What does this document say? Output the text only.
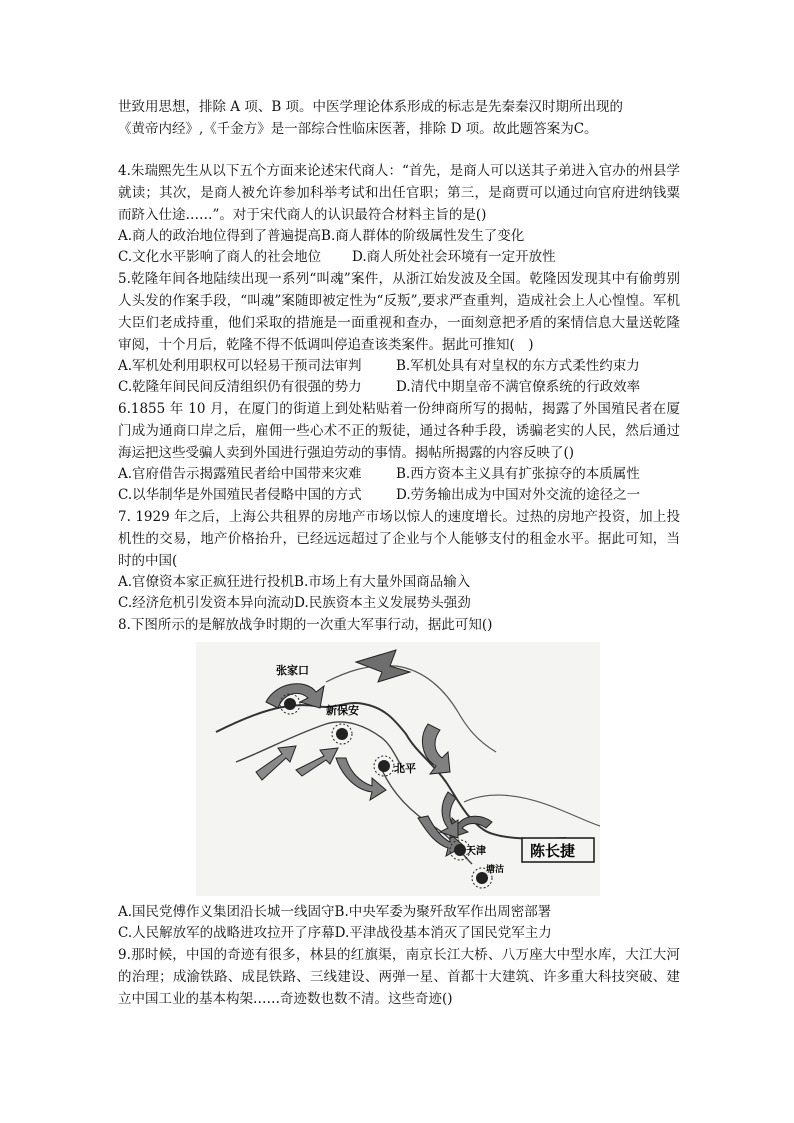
世致用思想，排除 A 项、B 项。中医学理论体系形成的标志是先秦秦汉时期所出现的

《黄帝内经》,《千金方》是一部综合性临床医著，排除 D 项。故此题答案为C。

4.朱瑞熙先生从以下五个方面来论述宋代商人：“首先，是商人可以送其子弟进入官办的州县学就读；其次，是商人被允许参加科举考试和出任官职；第三，是商贾可以通过向官府进纳钱粟而跻入仕途……”。对于宋代商人的认识最符合材料主旨的是()

A.商人的政治地位得到了普遍提高B.商人群体的阶级属性发生了变化

C.文化水平影响了商人的社会地位 D.商人所处社会环境有一定开放性

5.乾隆年间各地陆续出现一系列“叫魂”案件，从浙江始发波及全国。乾隆因发现其中有偷剪别人头发的作案手段，“叫魂”案随即被定性为“反叛”,要求严查重判，造成社会上人心惶惶。军机大臣们老成持重，他们采取的措施是一面重视和查办，一面刻意把矛盾的案情信息大量送乾隆审阅，十个月后，乾隆不得不低调叫停追查该类案件。据此可推知(　)

A.军机处利用职权可以轻易干预司法审判	B.军机处具有对皇权的东方式柔性约束力

C.乾隆年间民间反清组织仍有很强的势力	D.清代中期皇帝不满官僚系统的行政效率

6.1855 年 10 月，在厦门的街道上到处粘贴着一份绅商所写的揭帖，揭露了外国殖民者在厦门成为通商口岸之后，雇佣一些心术不正的叛徒，通过各种手段，诱骗老实的人民，然后通过海运把这些受骗人卖到外国进行强迫劳动的事情。揭帖所揭露的内容反映了()

A.官府借告示揭露殖民者给中国带来灾难	B.西方资本主义具有扩张掠夺的本质属性

C.以华制华是外国殖民者侵略中国的方式	D.劳务输出成为中国对外交流的途径之一

7. 1929 年之后，上海公共租界的房地产市场以惊人的速度增长。过热的房地产投资，加上投机性的交易，地产价格抬升，已经远远超过了企业与个人能够支付的租金水平。据此可知，当时的中国(

A.官僚资本家正疯狂进行投机B.市场上有大量外国商品输入

C.经济危机引发资本异向流动D.民族资本主义发展势头强劲

8.下图所示的是解放战争时期的一次重大军事行动，据此可知()

张家口
新保安
北平
天津
塘沽
陈长捷

A.国民党傅作义集团沿长城一线固守B.中央军委为聚歼敌军作出周密部署

C.人民解放军的战略进攻拉开了序幕D.平津战役基本消灭了国民党军主力

9.那时候，中国的奇迹有很多，林县的红旗渠，南京长江大桥、八万座大中型水库，大江大河的治理；成渝铁路、成昆铁路、三线建设、两弹一星、首都十大建筑、许多重大科技突破、建立中国工业的基本构架……奇迹数也数不清。这些奇迹()
